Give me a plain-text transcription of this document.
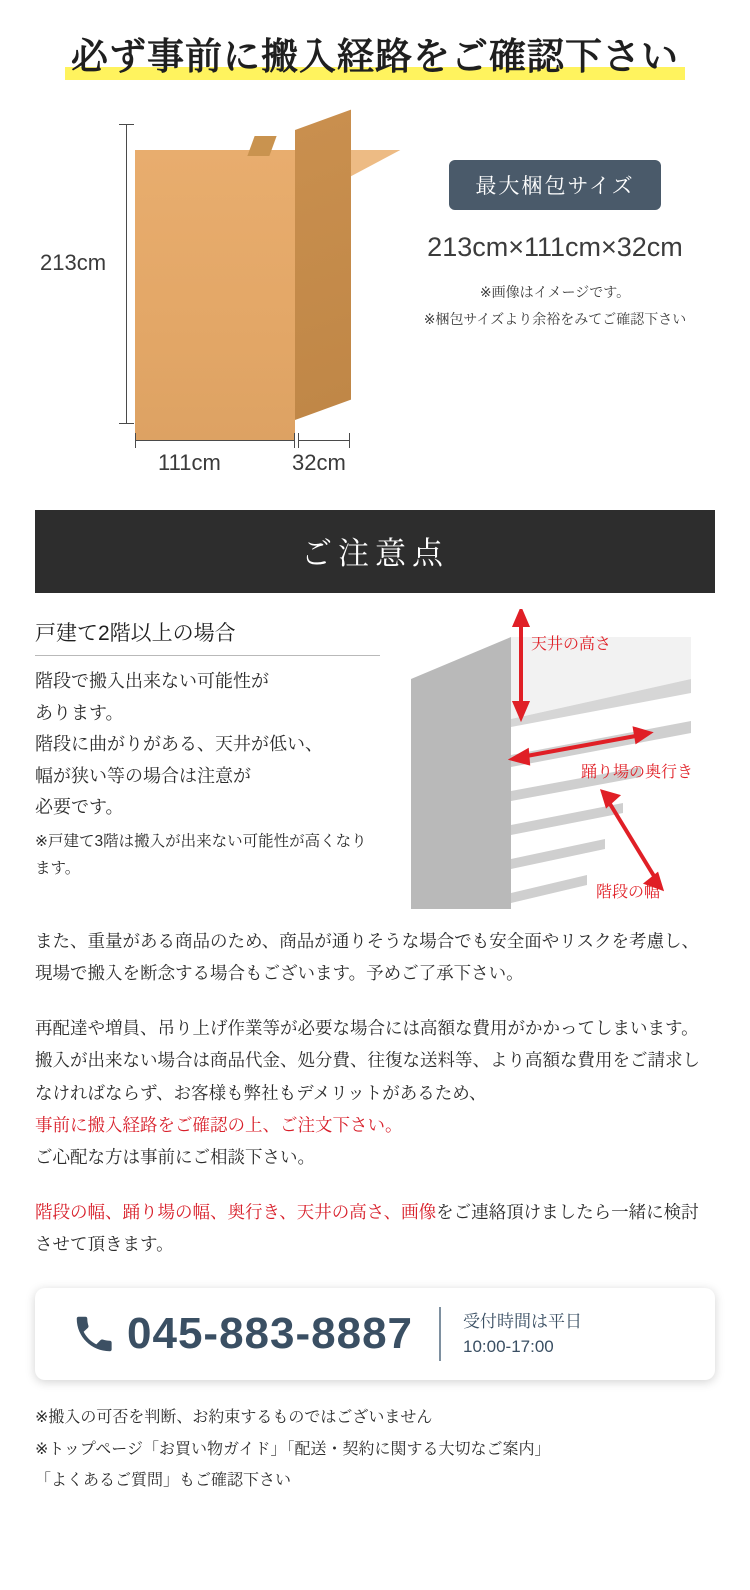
必ず事前に搬入経路をご確認下さい
213cm
111cm	32cm
最大梱包サイズ
213cm×111cm×32cm
※画像はイメージです。
※梱包サイズより余裕をみてご確認下さい
ご注意点
戸建て2階以上の場合
階段で搬入出来ない可能性が
あります。
階段に曲がりがある、天井が低い、
幅が狭い等の場合は注意が
必要です。
※戸建て3階は搬入が出来ない可能性が高くなります。
天井の高さ
踊り場の奥行き
階段の幅
また、重量がある商品のため、商品が通りそうな場合でも安全面やリスクを考慮し、現場で搬入を断念する場合もございます。予めご了承下さい。
再配達や増員、吊り上げ作業等が必要な場合には高額な費用がかかってしまいます。
搬入が出来ない場合は商品代金、処分費、往復な送料等、より高額な費用をご請求しなければならず、お客様も弊社もデメリットがあるため、
事前に搬入経路をご確認の上、ご注文下さい。
ご心配な方は事前にご相談下さい。
階段の幅、踊り場の幅、奥行き、天井の高さ、画像をご連絡頂けましたら一緒に検討させて頂きます。
045-883-8887	受付時間は平日
10:00-17:00
※搬入の可否を判断、お約束するものではございません
※トップページ「お買い物ガイド」「配送・契約に関する大切なご案内」
「よくあるご質問」もご確認下さい
